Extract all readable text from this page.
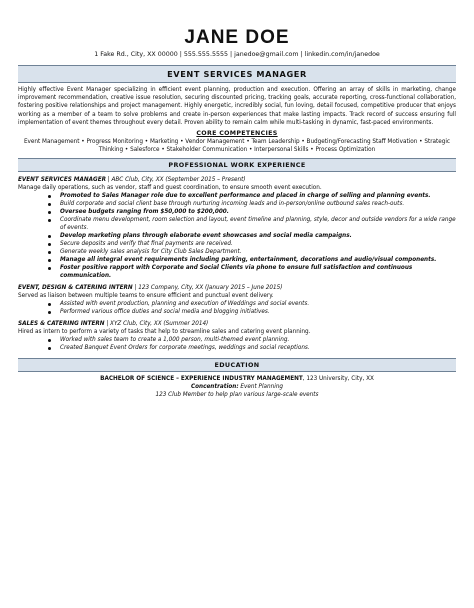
JANE DOE
1 Fake Rd., City, XX 00000 | 555.555.5555 | janedoe@gmail.com | linkedin.com/in/janedoe
EVENT SERVICES MANAGER
Highly effective Event Manager specializing in efficient event planning, production and execution. Offering an array of skills in marketing, change improvement recommendation, creative issue resolution, securing discounted pricing, tracking goals, accurate reporting, cross-functional collaboration, fostering positive relationships and project management. Highly energetic, incredibly social, fun loving, detail focused, competitive producer that enjoys working as a member of a team to solve problems and create in-person experiences that make lasting impacts. Track record of success ensuring full implementation of event themes throughout every detail. Proven ability to remain calm while multi-tasking in dynamic, fast-paced environments.
CORE COMPETENCIES
Event Management • Progress Monitoring • Marketing • Vendor Management • Team Leadership • Budgeting/Forecasting Staff Motivation • Strategic Thinking • Salesforce • Stakeholder Communication • Interpersonal Skills • Process Optimization
PROFESSIONAL WORK EXPERIENCE
EVENT SERVICES MANAGER | ABC Club, City, XX (September 2015 – Present)
Manage daily operations, such as vendor, staff and guest coordination, to ensure smooth event execution.
Promoted to Sales Manager role due to excellent performance and placed in charge of selling and planning events.
Build corporate and social client base through nurturing incoming leads and in-person/online outbound sales reach-outs.
Oversee budgets ranging from $50,000 to $200,000.
Coordinate menu development, room selection and layout, event timeline and planning, style, decor and outside vendors for a wide range of events.
Develop marketing plans through elaborate event showcases and social media campaigns.
Secure deposits and verify that final payments are received.
Generate weekly sales analysis for City Club Sales Department.
Manage all integral event requirements including parking, entertainment, decorations and audio/visual components.
Foster positive rapport with Corporate and Social Clients via phone to ensure full satisfaction and continuous communication.
EVENT, DESIGN & CATERING INTERN | 123 Company, City, XX (January 2015 – June 2015)
Served as liaison between multiple teams to ensure efficient and punctual event delivery.
Assisted with event production, planning and execution of Weddings and social events.
Performed various office duties and social media and blogging initiatives.
SALES & CATERING INTERN | XYZ Club, City, XX (Summer 2014)
Hired as intern to perform a variety of tasks that help to streamline sales and catering event planning.
Worked with sales team to create a 1,000 person, multi-themed event planning.
Created Banquet Event Orders for corporate meetings, weddings and social receptions.
EDUCATION
BACHELOR OF SCIENCE – EXPERIENCE INDUSTRY MANAGEMENT, 123 University, City, XX
Concentration: Event Planning
123 Club Member to help plan various large-scale events
